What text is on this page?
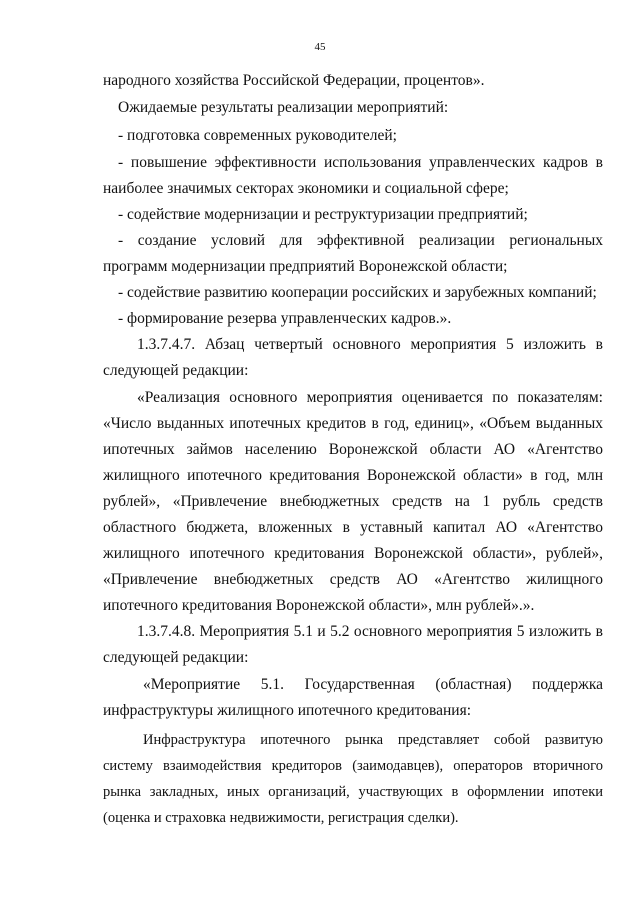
45
народного хозяйства Российской Федерации, процентов».
Ожидаемые результаты реализации мероприятий:
- подготовка современных руководителей;
- повышение эффективности использования управленческих кадров в
наиболее значимых секторах экономики и социальной сфере;
- содействие модернизации и реструктуризации предприятий;
- создание условий для эффективной реализации региональных
программ модернизации предприятий Воронежской области;
- содействие развитию кооперации российских и зарубежных компаний;
- формирование резерва управленческих кадров.».
1.3.7.4.7. Абзац четвертый основного мероприятия 5 изложить в
следующей редакции:
«Реализация основного мероприятия оценивается по показателям:
«Число выданных ипотечных кредитов в год, единиц», «Объем выданных
ипотечных займов населению Воронежской области АО «Агентство
жилищного ипотечного кредитования Воронежской области» в год, млн
рублей», «Привлечение внебюджетных средств на 1 рубль средств
областного бюджета, вложенных в уставный капитал АО «Агентство
жилищного ипотечного кредитования Воронежской области», рублей»,
«Привлечение внебюджетных средств АО «Агентство жилищного
ипотечного кредитования Воронежской области», млн рублей».».
1.3.7.4.8. Мероприятия 5.1 и 5.2 основного мероприятия 5 изложить в
следующей редакции:
«Мероприятие 5.1. Государственная (областная) поддержка
инфраструктуры жилищного ипотечного кредитования:
Инфраструктура ипотечного рынка представляет собой развитую
систему взаимодействия кредиторов (заимодавцев), операторов вторичного
рынка закладных, иных организаций, участвующих в оформлении ипотеки
(оценка и страховка недвижимости, регистрация сделки).
